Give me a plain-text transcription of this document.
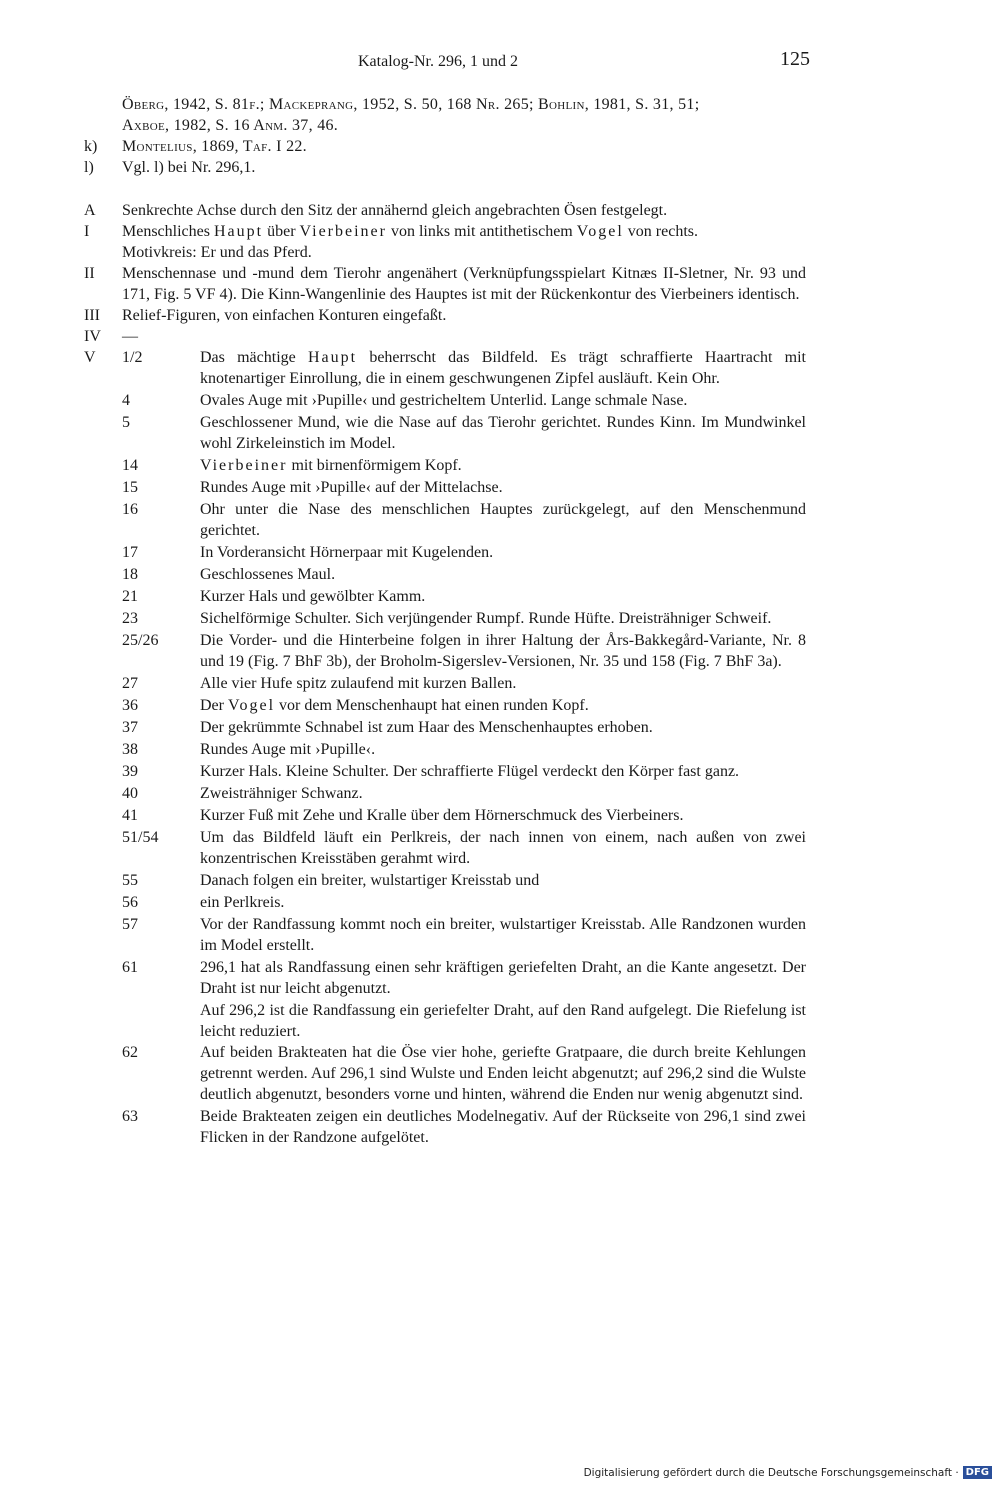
Katalog-Nr. 296, 1 und 2	125
Öberg, 1942, S. 81f.; Mackeprang, 1952, S. 50, 168 Nr. 265; Bohlin, 1981, S. 31, 51;
Axboe, 1982, S. 16 Anm. 37, 46.
k)	Montelius, 1869, Taf. I 22.
l)	Vgl. l) bei Nr. 296,1.
A	Senkrechte Achse durch den Sitz der annähernd gleich angebrachten Ösen festgelegt.
I	Menschliches Haupt über Vierbeiner von links mit antithetischem Vogel von rechts.
Motivkreis: Er und das Pferd.
II	Menschennase und -mund dem Tierohr angenähert (Verknüpfungsspielart Kitnæs II-Sletner, Nr. 93 und 171, Fig. 5 VF 4). Die Kinn-Wangenlinie des Hauptes ist mit der Rückenkontur des Vierbeiners identisch.
III	Relief-Figuren, von einfachen Konturen eingefaßt.
IV	—
V	1/2	Das mächtige Haupt beherrscht das Bildfeld. Es trägt schraffierte Haartracht mit knotenartiger Einrollung, die in einem geschwungenen Zipfel ausläuft. Kein Ohr.
4	Ovales Auge mit ›Pupille‹ und gestricheltem Unterlid. Lange schmale Nase.
5	Geschlossener Mund, wie die Nase auf das Tierohr gerichtet. Rundes Kinn. Im Mundwinkel wohl Zirkeleinstich im Model.
14	Vierbeiner mit birnenförmigem Kopf.
15	Rundes Auge mit ›Pupille‹ auf der Mittelachse.
16	Ohr unter die Nase des menschlichen Hauptes zurückgelegt, auf den Menschenmund gerichtet.
17	In Vorderansicht Hörnerpaar mit Kugelenden.
18	Geschlossenes Maul.
21	Kurzer Hals und gewölbter Kamm.
23	Sichelförmige Schulter. Sich verjüngender Rumpf. Runde Hüfte. Dreisträhniger Schweif.
25/26	Die Vorder- und die Hinterbeine folgen in ihrer Haltung der Års-Bakkegård-Variante, Nr. 8 und 19 (Fig. 7 BhF 3b), der Broholm-Sigerslev-Versionen, Nr. 35 und 158 (Fig. 7 BhF 3a).
27	Alle vier Hufe spitz zulaufend mit kurzen Ballen.
36	Der Vogel vor dem Menschenhaupt hat einen runden Kopf.
37	Der gekrümmte Schnabel ist zum Haar des Menschenhauptes erhoben.
38	Rundes Auge mit ›Pupille‹.
39	Kurzer Hals. Kleine Schulter. Der schraffierte Flügel verdeckt den Körper fast ganz.
40	Zweisträhniger Schwanz.
41	Kurzer Fuß mit Zehe und Kralle über dem Hörnerschmuck des Vierbeiners.
51/54	Um das Bildfeld läuft ein Perlkreis, der nach innen von einem, nach außen von zwei konzentrischen Kreisstäben gerahmt wird.
55	Danach folgen ein breiter, wulstartiger Kreisstab und
56	ein Perlkreis.
57	Vor der Randfassung kommt noch ein breiter, wulstartiger Kreisstab. Alle Randzonen wurden im Model erstellt.
61	296,1 hat als Randfassung einen sehr kräftigen geriefelten Draht, an die Kante angesetzt. Der Draht ist nur leicht abgenutzt.
Auf 296,2 ist die Randfassung ein geriefelter Draht, auf den Rand aufgelegt. Die Riefelung ist leicht reduziert.
62	Auf beiden Brakteaten hat die Öse vier hohe, geriefte Gratpaare, die durch breite Kehlungen getrennt werden. Auf 296,1 sind Wulste und Enden leicht abgenutzt; auf 296,2 sind die Wulste deutlich abgenutzt, besonders vorne und hinten, während die Enden nur wenig abgenutzt sind.
63	Beide Brakteaten zeigen ein deutliches Modelnegativ. Auf der Rückseite von 296,1 sind zwei Flicken in der Randzone aufgelötet.
Digitalisierung gefördert durch die Deutsche Forschungsgemeinschaft · DFG
